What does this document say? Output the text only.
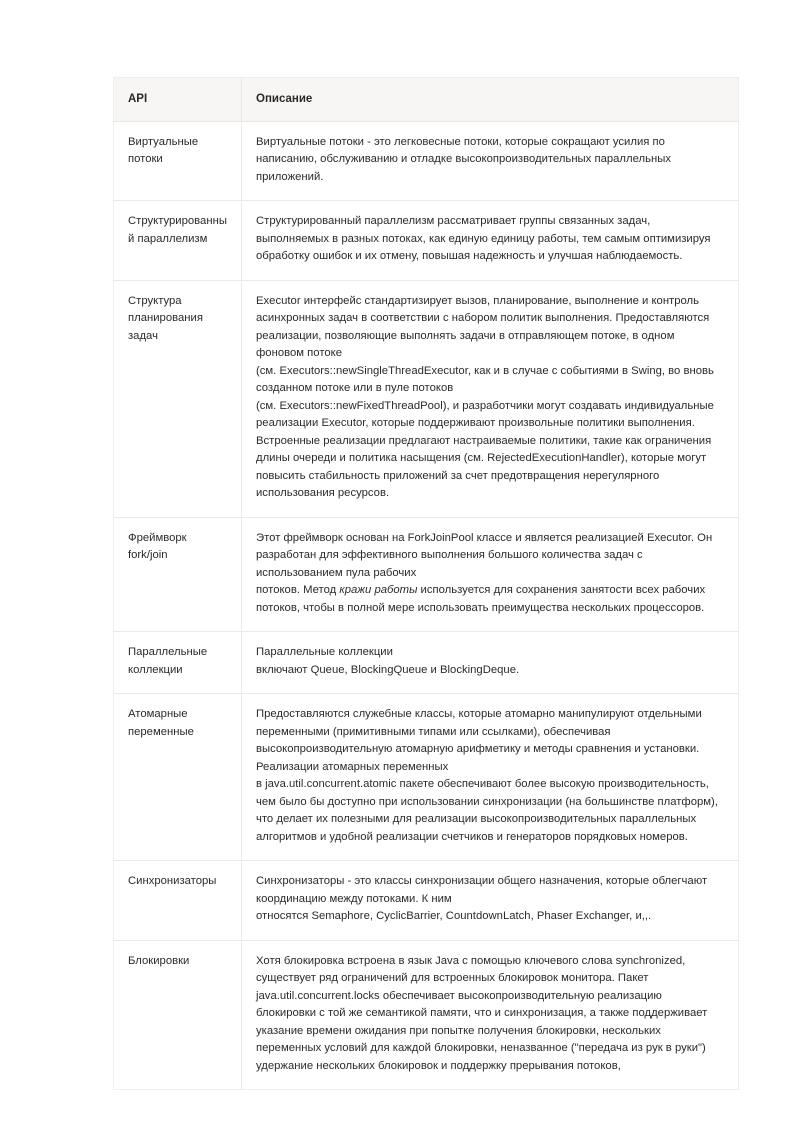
API	Описание

Виртуальные потоки	Виртуальные потоки - это легковесные потоки, которые сокращают усилия по написанию, обслуживанию и отладке высокопроизводительных параллельных приложений.

Структурированный параллелизм	Структурированный параллелизм рассматривает группы связанных задач, выполняемых в разных потоках, как единую единицу работы, тем самым оптимизируя обработку ошибок и их отмену, повышая надежность и улучшая наблюдаемость.

Структура планирования задач	Executor интерфейс стандартизирует вызов, планирование, выполнение и контроль асинхронных задач в соответствии с набором политик выполнения. Предоставляются реализации, позволяющие выполнять задачи в отправляющем потоке, в одном фоновом потоке
(см. Executors::newSingleThreadExecutor, как и в случае с событиями в Swing, во вновь созданном потоке или в пуле потоков
(см. Executors::newFixedThreadPool), и разработчики могут создавать индивидуальные реализации Executor, которые поддерживают произвольные политики выполнения. Встроенные реализации предлагают настраиваемые политики, такие как ограничения длины очереди и политика насыщения (см. RejectedExecutionHandler), которые могут повысить стабильность приложений за счет предотвращения нерегулярного использования ресурсов.

Фреймворк fork/join	Этот фреймворк основан на ForkJoinPool классе и является реализацией Executor. Он разработан для эффективного выполнения большого количества задач с использованием пула рабочих
потоков. Метод кражи работы используется для сохранения занятости всех рабочих потоков, чтобы в полной мере использовать преимущества нескольких процессоров.

Параллельные коллекции	Параллельные коллекции
включают Queue, BlockingQueue и BlockingDeque.

Атомарные переменные	Предоставляются служебные классы, которые атомарно манипулируют отдельными переменными (примитивными типами или ссылками), обеспечивая высокопроизводительную атомарную арифметику и методы сравнения и установки. Реализации атомарных переменных
в java.util.concurrent.atomic пакете обеспечивают более высокую производительность, чем было бы доступно при использовании синхронизации (на большинстве платформ), что делает их полезными для реализации высокопроизводительных параллельных алгоритмов и удобной реализации счетчиков и генераторов порядковых номеров.

Синхронизаторы	Синхронизаторы - это классы синхронизации общего назначения, которые облегчают координацию между потоками. К ним
относятся Semaphore, CyclicBarrier, CountdownLatch, Phaser Exchanger, и,,.

Блокировки	Хотя блокировка встроена в язык Java с помощью ключевого слова synchronized, существует ряд ограничений для встроенных блокировок монитора. Пакет java.util.concurrent.locks обеспечивает высокопроизводительную реализацию блокировки с той же семантикой памяти, что и синхронизация, а также поддерживает указание времени ожидания при попытке получения блокировки, нескольких переменных условий для каждой блокировки, неназванное ("передача из рук в руки") удержание нескольких блокировок и поддержку прерывания потоков,
